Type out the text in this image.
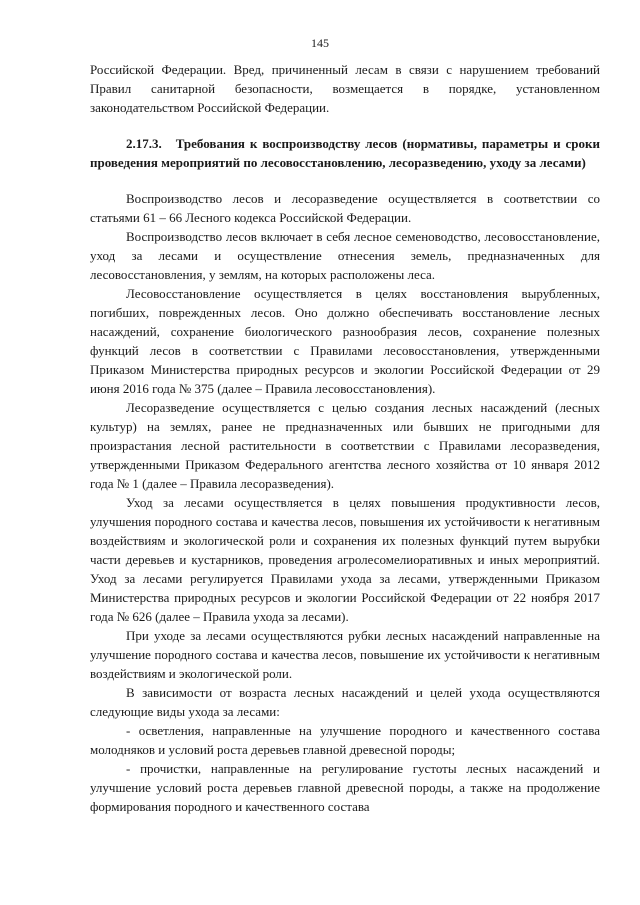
145

Российской Федерации. Вред, причиненный лесам в связи с нарушением требований Правил санитарной безопасности, возмещается в порядке, установленном законодательством Российской Федерации.

2.17.3. Требования к воспроизводству лесов (нормативы, параметры и сроки проведения мероприятий по лесовосстановлению, лесоразведению, уходу за лесами)

Воспроизводство лесов и лесоразведение осуществляется в соответствии со статьями 61 – 66 Лесного кодекса Российской Федерации.

Воспроизводство лесов включает в себя лесное семеноводство, лесовосстановление, уход за лесами и осуществление отнесения земель, предназначенных для лесовосстановления, у землям, на которых расположены леса.

Лесовосстановление осуществляется в целях восстановления вырубленных, погибших, поврежденных лесов. Оно должно обеспечивать восстановление лесных насаждений, сохранение биологического разнообразия лесов, сохранение полезных функций лесов в соответствии с Правилами лесовосстановления, утвержденными Приказом Министерства природных ресурсов и экологии Российской Федерации от 29 июня 2016 года № 375 (далее – Правила лесовосстановления).

Лесоразведение осуществляется с целью создания лесных насаждений (лесных культур) на землях, ранее не предназначенных или бывших не пригодными для произрастания лесной растительности в соответствии с Правилами лесоразведения, утвержденными Приказом Федерального агентства лесного хозяйства от 10 января 2012 года № 1 (далее – Правила лесоразведения).

Уход за лесами осуществляется в целях повышения продуктивности лесов, улучшения породного состава и качества лесов, повышения их устойчивости к негативным воздействиям и экологической роли и сохранения их полезных функций путем вырубки части деревьев и кустарников, проведения агролесомелиоративных и иных мероприятий. Уход за лесами регулируется Правилами ухода за лесами, утвержденными Приказом Министерства природных ресурсов и экологии Российской Федерации от 22 ноября 2017 года № 626 (далее – Правила ухода за лесами).

При уходе за лесами осуществляются рубки лесных насаждений направленные на улучшение породного состава и качества лесов, повышение их устойчивости к негативным воздействиям и экологической роли.

В зависимости от возраста лесных насаждений и целей ухода осуществляются следующие виды ухода за лесами:

- осветления, направленные на улучшение породного и качественного состава молодняков и условий роста деревьев главной древесной породы;

- прочистки, направленные на регулирование густоты лесных насаждений и улучшение условий роста деревьев главной древесной породы, а также на продолжение формирования породного и качественного состава
